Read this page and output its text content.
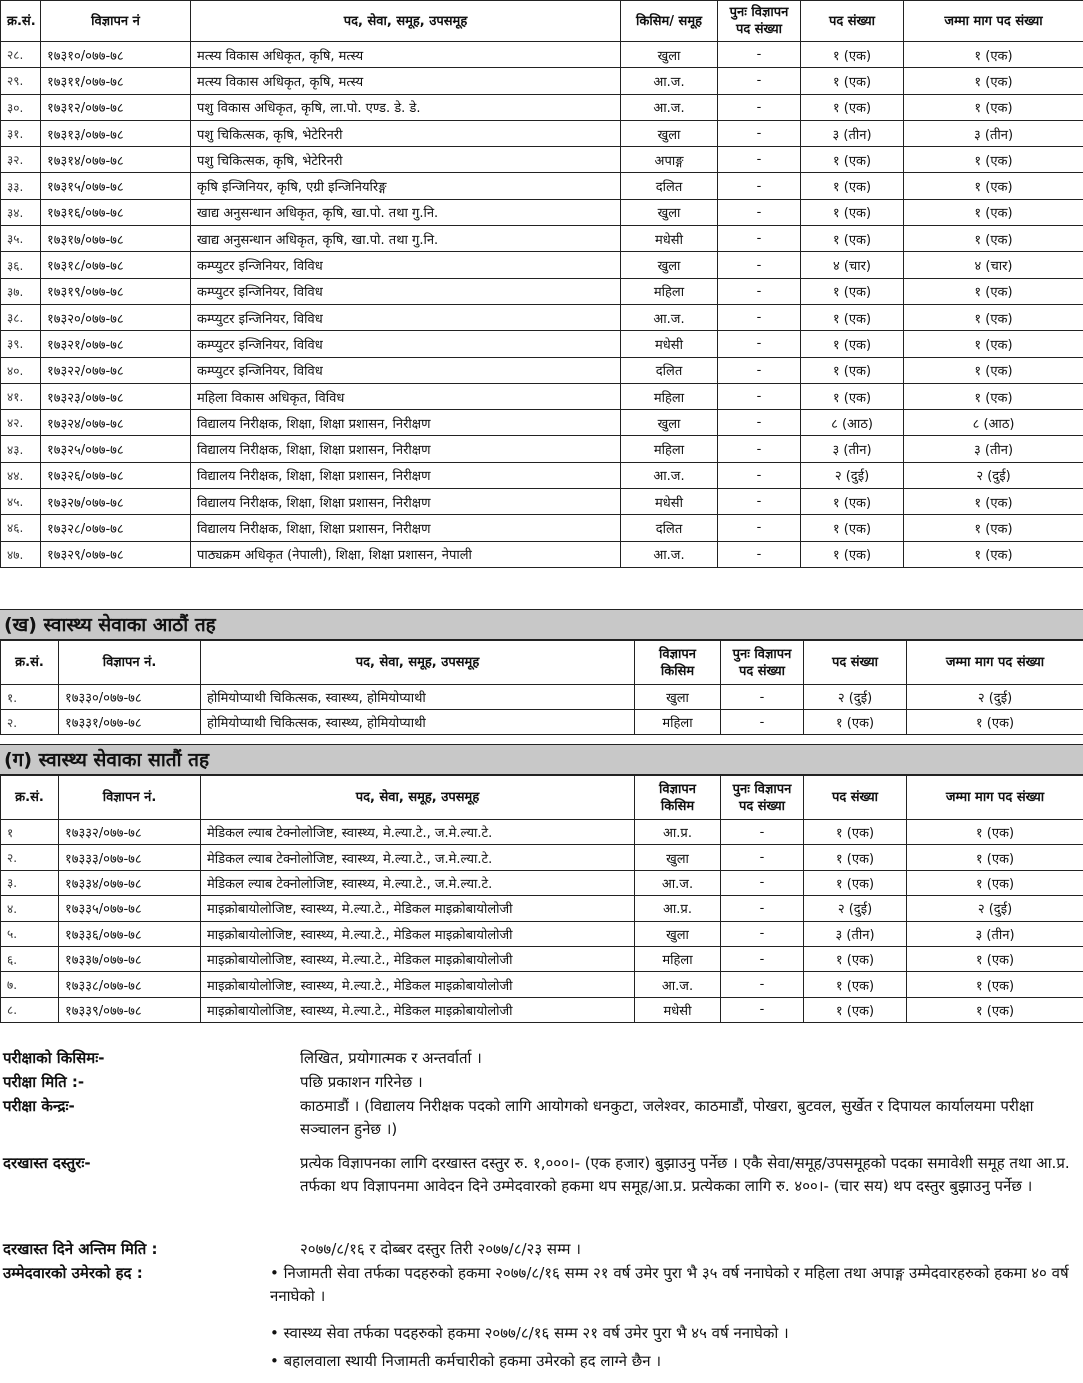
क्र.सं.	विज्ञापन नं	पद, सेवा, समूह, उपसमूह	किसिम/ समूह	पुनः विज्ञापन पद संख्या	पद संख्या	जम्मा माग पद संख्या
२८.	१७३१०/०७७-७८	मत्स्य विकास अधिकृत, कृषि, मत्स्य	खुला	-	१ (एक)	१ (एक)
२९.	१७३११/०७७-७८	मत्स्य विकास अधिकृत, कृषि, मत्स्य	आ.ज.	-	१ (एक)	१ (एक)
३०.	१७३१२/०७७-७८	पशु विकास अधिकृत, कृषि, ला.पो. एण्ड. डे. डे.	आ.ज.	-	१ (एक)	१ (एक)
३१.	१७३१३/०७७-७८	पशु चिकित्सक, कृषि, भेटेरिनरी	खुला	-	३ (तीन)	३ (तीन)
३२.	१७३१४/०७७-७८	पशु चिकित्सक, कृषि, भेटेरिनरी	अपाङ्ग	-	१ (एक)	१ (एक)
३३.	१७३१५/०७७-७८	कृषि इन्जिनियर, कृषि, एग्री इन्जिनियरिङ्ग	दलित	-	१ (एक)	१ (एक)
३४.	१७३१६/०७७-७८	खाद्य अनुसन्धान अधिकृत, कृषि, खा.पो. तथा गु.नि.	खुला	-	१ (एक)	१ (एक)
३५.	१७३१७/०७७-७८	खाद्य अनुसन्धान अधिकृत, कृषि, खा.पो. तथा गु.नि.	मधेसी	-	१ (एक)	१ (एक)
३६.	१७३१८/०७७-७८	कम्प्युटर इन्जिनियर, विविध	खुला	-	४ (चार)	४ (चार)
३७.	१७३१९/०७७-७८	कम्प्युटर इन्जिनियर, विविध	महिला	-	१ (एक)	१ (एक)
३८.	१७३२०/०७७-७८	कम्प्युटर इन्जिनियर, विविध	आ.ज.	-	१ (एक)	१ (एक)
३९.	१७३२१/०७७-७८	कम्प्युटर इन्जिनियर, विविध	मधेसी	-	१ (एक)	१ (एक)
४०.	१७३२२/०७७-७८	कम्प्युटर इन्जिनियर, विविध	दलित	-	१ (एक)	१ (एक)
४१.	१७३२३/०७७-७८	महिला विकास अधिकृत, विविध	महिला	-	१ (एक)	१ (एक)
४२.	१७३२४/०७७-७८	विद्यालय निरीक्षक, शिक्षा, शिक्षा प्रशासन, निरीक्षण	खुला	-	८ (आठ)	८ (आठ)
४३.	१७३२५/०७७-७८	विद्यालय निरीक्षक, शिक्षा, शिक्षा प्रशासन, निरीक्षण	महिला	-	३ (तीन)	३ (तीन)
४४.	१७३२६/०७७-७८	विद्यालय निरीक्षक, शिक्षा, शिक्षा प्रशासन, निरीक्षण	आ.ज.	-	२ (दुई)	२ (दुई)
४५.	१७३२७/०७७-७८	विद्यालय निरीक्षक, शिक्षा, शिक्षा प्रशासन, निरीक्षण	मधेसी	-	१ (एक)	१ (एक)
४६.	१७३२८/०७७-७८	विद्यालय निरीक्षक, शिक्षा, शिक्षा प्रशासन, निरीक्षण	दलित	-	१ (एक)	१ (एक)
४७.	१७३२९/०७७-७८	पाठ्यक्रम अधिकृत (नेपाली), शिक्षा, शिक्षा प्रशासन, नेपाली	आ.ज.	-	१ (एक)	१ (एक)
(ख) स्वास्थ्य सेवाका आठौं तह
क्र.सं.	विज्ञापन नं.	पद, सेवा, समूह, उपसमूह	विज्ञापन किसिम	पुनः विज्ञापन पद संख्या	पद संख्या	जम्मा माग पद संख्या
१.	१७३३०/०७७-७८	होमियोप्याथी चिकित्सक, स्वास्थ्य, होमियोप्याथी	खुला	-	२ (दुई)	२ (दुई)
२.	१७३३१/०७७-७८	होमियोप्याथी चिकित्सक, स्वास्थ्य, होमियोप्याथी	महिला	-	१ (एक)	१ (एक)
(ग) स्वास्थ्य सेवाका सातौं तह
क्र.सं.	विज्ञापन नं.	पद, सेवा, समूह, उपसमूह	विज्ञापन किसिम	पुनः विज्ञापन पद संख्या	पद संख्या	जम्मा माग पद संख्या
१	१७३३२/०७७-७८	मेडिकल ल्याब टेक्नोलोजिष्ट, स्वास्थ्य, मे.ल्या.टे., ज.मे.ल्या.टे.	आ.प्र.	-	१ (एक)	१ (एक)
२.	१७३३३/०७७-७८	मेडिकल ल्याब टेक्नोलोजिष्ट, स्वास्थ्य, मे.ल्या.टे., ज.मे.ल्या.टे.	खुला	-	१ (एक)	१ (एक)
३.	१७३३४/०७७-७८	मेडिकल ल्याब टेक्नोलोजिष्ट, स्वास्थ्य, मे.ल्या.टे., ज.मे.ल्या.टे.	आ.ज.	-	१ (एक)	१ (एक)
४.	१७३३५/०७७-७८	माइक्रोबायोलोजिष्ट, स्वास्थ्य, मे.ल्या.टे., मेडिकल माइक्रोबायोलोजी	आ.प्र.	-	२ (दुई)	२ (दुई)
५.	१७३३६/०७७-७८	माइक्रोबायोलोजिष्ट, स्वास्थ्य, मे.ल्या.टे., मेडिकल माइक्रोबायोलोजी	खुला	-	३ (तीन)	३ (तीन)
६.	१७३३७/०७७-७८	माइक्रोबायोलोजिष्ट, स्वास्थ्य, मे.ल्या.टे., मेडिकल माइक्रोबायोलोजी	महिला	-	१ (एक)	१ (एक)
७.	१७३३८/०७७-७८	माइक्रोबायोलोजिष्ट, स्वास्थ्य, मे.ल्या.टे., मेडिकल माइक्रोबायोलोजी	आ.ज.	-	१ (एक)	१ (एक)
८.	१७३३९/०७७-७८	माइक्रोबायोलोजिष्ट, स्वास्थ्य, मे.ल्या.टे., मेडिकल माइक्रोबायोलोजी	मधेसी	-	१ (एक)	१ (एक)
परीक्षाको किसिमः-	लिखित, प्रयोगात्मक र अन्तर्वार्ता ।
परीक्षा मिति :-	पछि प्रकाशन गरिनेछ ।
परीक्षा केन्द्रः-	काठमाडौं । (विद्यालय निरीक्षक पदको लागि आयोगको धनकुटा, जलेश्वर, काठमाडौं, पोखरा, बुटवल, सुर्खेत र दिपायल कार्यालयमा परीक्षा सञ्चालन हुनेछ ।)
दरखास्त दस्तुरः-	प्रत्येक विज्ञापनका लागि दरखास्त दस्तुर रु. १,०००।- (एक हजार) बुझाउनु पर्नेछ । एकै सेवा/समूह/उपसमूहको पदका समावेशी समूह तथा आ.प्र. तर्फका थप विज्ञापनमा आवेदन दिने उम्मेदवारको हकमा थप समूह/आ.प्र. प्रत्येकका लागि रु. ४००।- (चार सय) थप दस्तुर बुझाउनु पर्नेछ ।
दरखास्त दिने अन्तिम मिति :	२०७७/८/१६ र दोब्बर दस्तुर तिरी २०७७/८/२३ सम्म ।
उम्मेदवारको उमेरको हद :	• निजामती सेवा तर्फका पदहरुको हकमा २०७७/८/१६ सम्म २१ वर्ष उमेर पुरा भै ३५ वर्ष ननाघेको र महिला तथा अपाङ्ग उम्मेदवारहरुको हकमा ४० वर्ष ननाघेको ।
• स्वास्थ्य सेवा तर्फका पदहरुको हकमा २०७७/८/१६ सम्म २१ वर्ष उमेर पुरा भै ४५ वर्ष ननाघेको ।
• बहालवाला स्थायी निजामती कर्मचारीको हकमा उमेरको हद लाग्ने छैन ।
